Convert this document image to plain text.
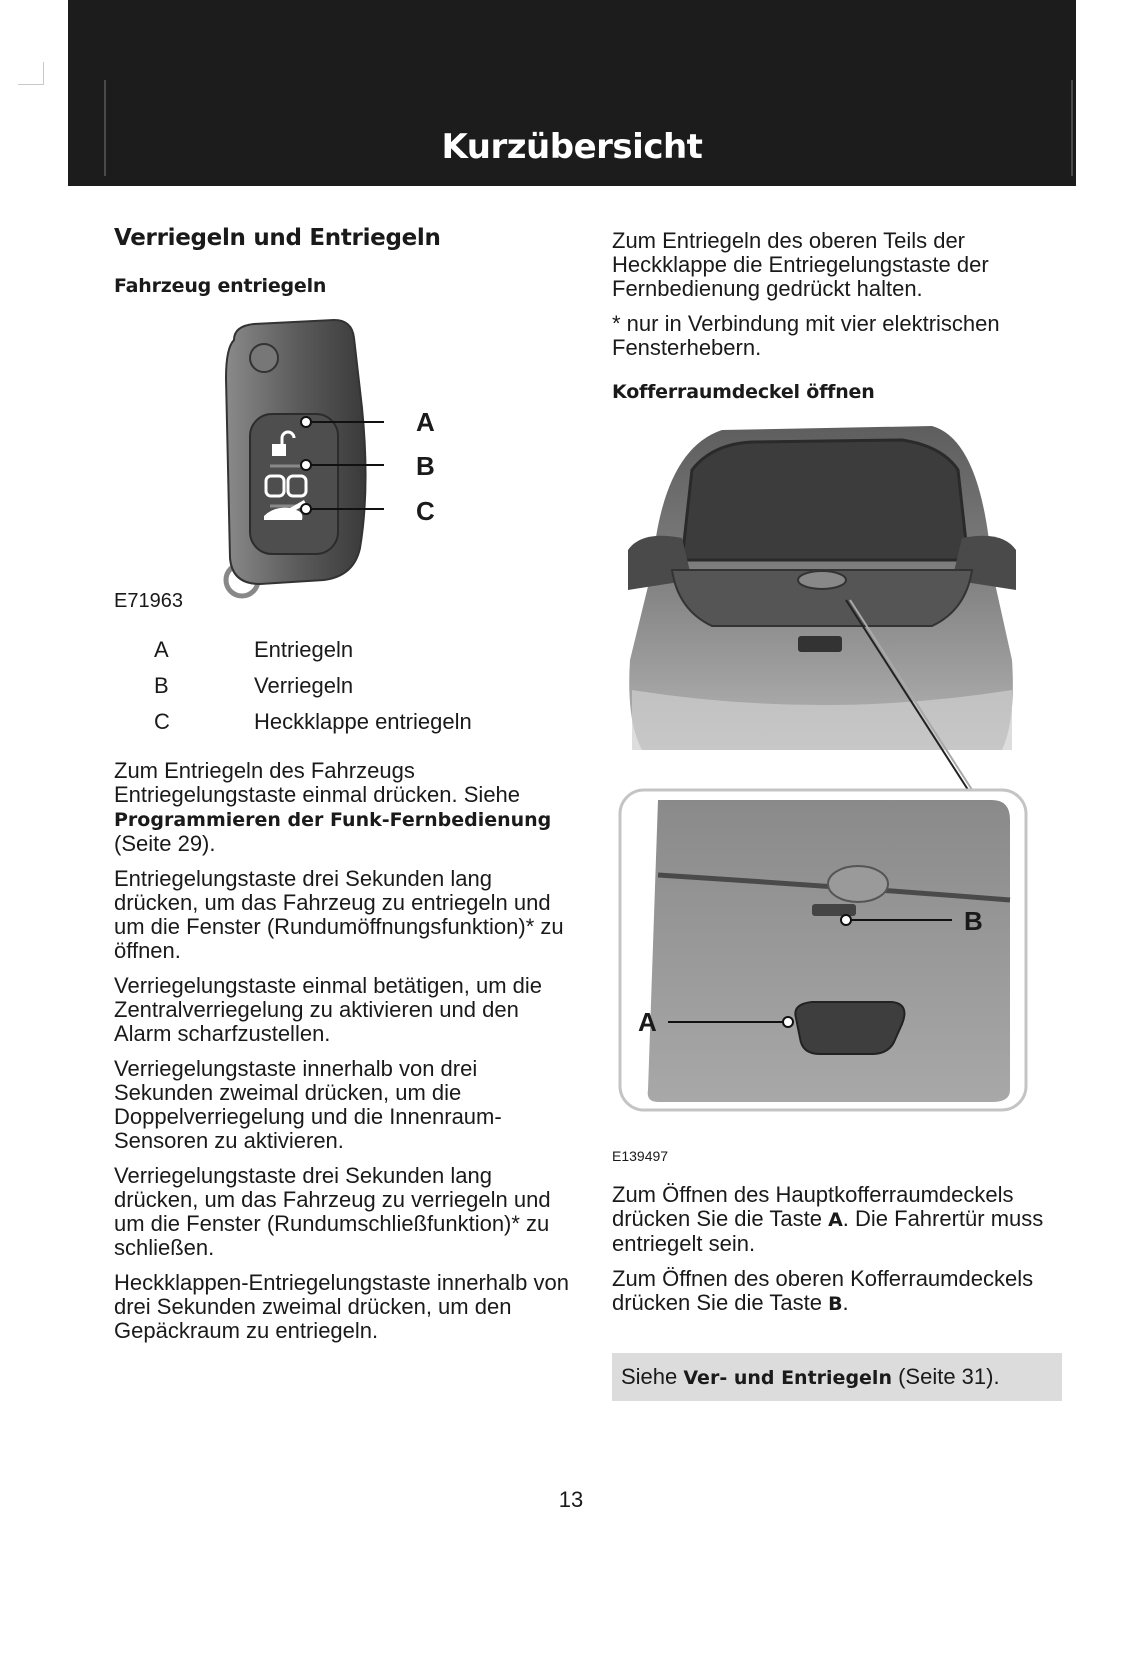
Kurzübersicht
Verriegeln und Entriegeln
Fahrzeug entriegeln
A
B
C
E71963
A	Entriegeln
B	Verriegeln
C	Heckklappe entriegeln

Zum Entriegeln des Fahrzeugs Entriegelungstaste einmal drücken. Siehe Programmieren der Funk-Fernbedienung (Seite 29).

Entriegelungstaste drei Sekunden lang drücken, um das Fahrzeug zu entriegeln und um die Fenster (Rundumöffnungsfunktion)* zu öffnen.

Verriegelungstaste einmal betätigen, um die Zentralverriegelung zu aktivieren und den Alarm scharfzustellen.

Verriegelungstaste innerhalb von drei Sekunden zweimal drücken, um die Doppelverriegelung und die Innenraum-Sensoren zu aktivieren.

Verriegelungstaste drei Sekunden lang drücken, um das Fahrzeug zu verriegeln und um die Fenster (Rundumschließfunktion)* zu schließen.

Heckklappen-Entriegelungstaste innerhalb von drei Sekunden zweimal drücken, um den Gepäckraum zu entriegeln.

Zum Entriegeln des oberen Teils der Heckklappe die Entriegelungstaste der Fernbedienung gedrückt halten.

* nur in Verbindung mit vier elektrischen Fensterhebern.

Kofferraumdeckel öffnen
B
A
E139497

Zum Öffnen des Hauptkofferraumdeckels drücken Sie die Taste A. Die Fahrertür muss entriegelt sein.

Zum Öffnen des oberen Kofferraumdeckels drücken Sie die Taste B.

Siehe Ver- und Entriegeln (Seite 31).
13
